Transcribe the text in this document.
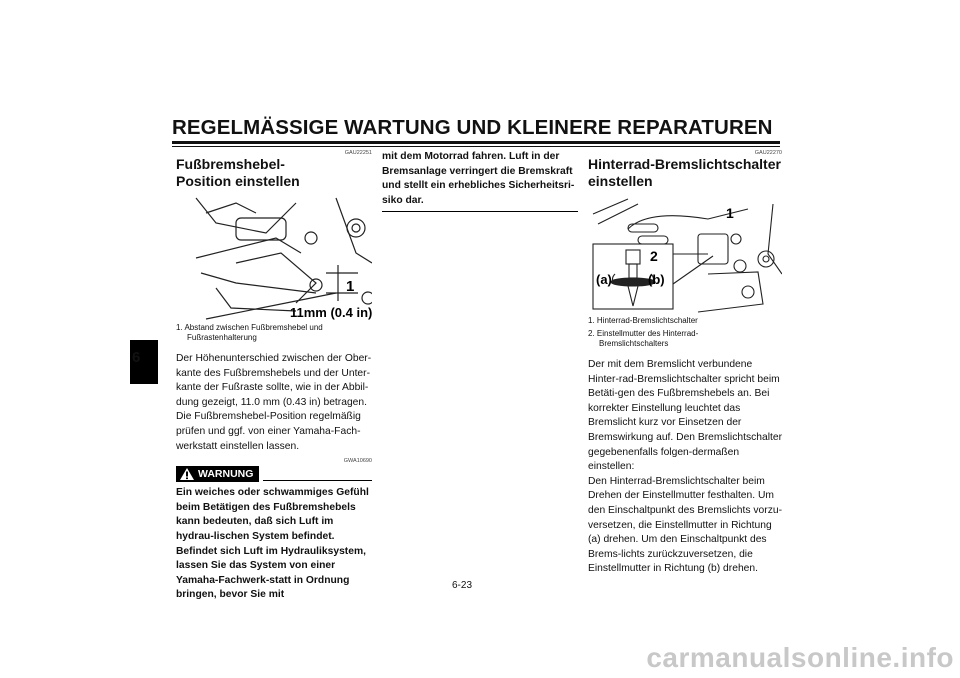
REGELMÄSSIGE WARTUNG UND KLEINERE REPARATUREN
6
GAU22251
Fußbremshebel-Position einstellen
1
11mm (0.4 in)
1. Abstand zwischen Fußbremshebel und
Fußrastenhalterung
Der Höhenunterschied zwischen der Ober-kante des Fußbremshebels und der Unter-kante der Fußraste sollte, wie in der Abbil-dung gezeigt, 11.0 mm (0.43 in) betragen. Die Fußbremshebel-Position regelmäßig prüfen und ggf. von einer Yamaha-Fach-werkstatt einstellen lassen.
GWA10690
WARNUNG
Ein weiches oder schwammiges Gefühl beim Betätigen des Fußbremshebels kann bedeuten, daß sich Luft im hydrau-lischen System befindet. Befindet sich Luft im Hydrauliksystem, lassen Sie das System von einer Yamaha-Fachwerk-statt in Ordnung bringen, bevor Sie mit
mit dem Motorrad fahren. Luft in der Bremsanlage verringert die Bremskraft und stellt ein erhebliches Sicherheitsri-siko dar.
GAU22270
Hinterrad-Bremslichtschalter einstellen
1
2
(a)	(b)
1. Hinterrad-Bremslichtschalter
2. Einstellmutter des Hinterrad-
Bremslichtschalters
Der mit dem Bremslicht verbundene Hinter-rad-Bremslichtschalter spricht beim Betäti-gen des Fußbremshebels an. Bei korrekter Einstellung leuchtet das Bremslicht kurz vor Einsetzen der Bremswirkung auf. Den Bremslichtschalter gegebenenfalls folgen-dermaßen einstellen:
Den Hinterrad-Bremslichtschalter beim Drehen der Einstellmutter festhalten. Um den Einschaltpunkt des Bremslichts vorzu-versetzen, die Einstellmutter in Richtung (a) drehen. Um den Einschaltpunkt des Brems-lichts zurückzuversetzen, die Einstellmutter in Richtung (b) drehen.
6-23
carmanualsonline.info
